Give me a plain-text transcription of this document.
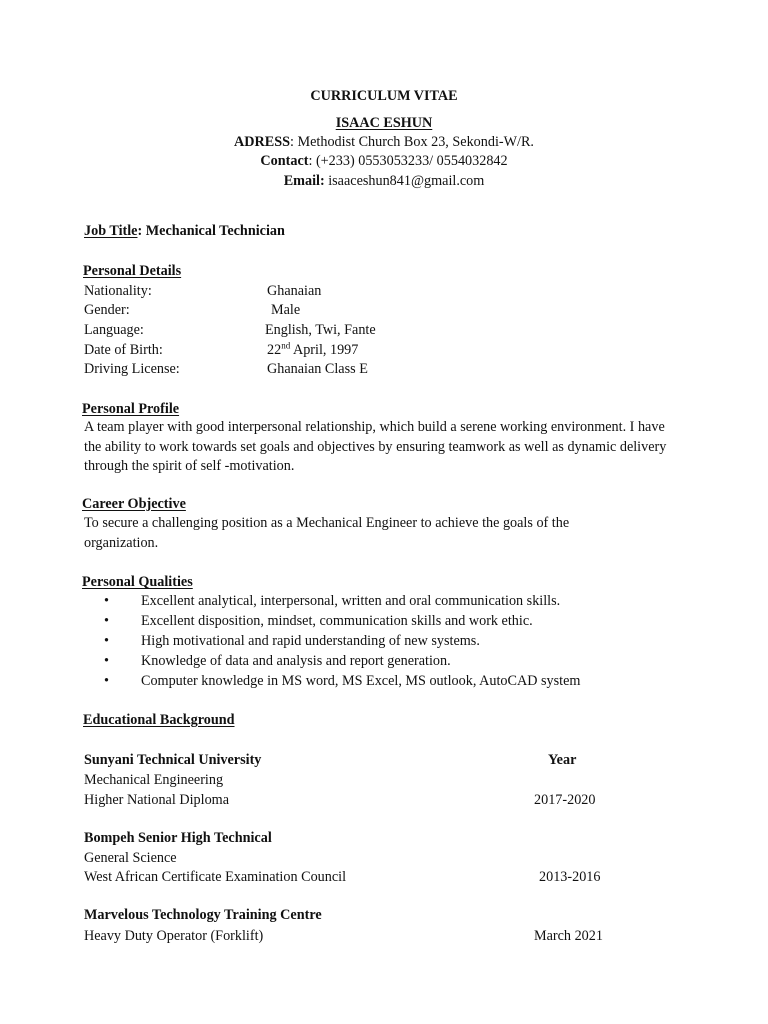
CURRICULUM VITAE
ISAAC ESHUN
ADRESS: Methodist Church Box 23, Sekondi-W/R.
Contact: (+233) 0553053233/ 0554032842
Email: isaaceshun841@gmail.com
Job Title: Mechanical Technician
Personal Details
Nationality:	Ghanaian
Gender:	Male
Language:	English, Twi, Fante
Date of Birth:	22nd April, 1997
Driving License:	Ghanaian Class E
Personal Profile
A team player with good interpersonal relationship, which build a serene working environment. I have the ability to work towards set goals and objectives by ensuring teamwork as well as dynamic delivery through the spirit of self -motivation.
Career Objective
To secure a challenging position as a Mechanical Engineer to achieve the goals of the organization.
Personal Qualities
• Excellent analytical, interpersonal, written and oral communication skills.
• Excellent disposition, mindset, communication skills and work ethic.
• High motivational and rapid understanding of new systems.
• Knowledge of data and analysis and report generation.
• Computer knowledge in MS word, MS Excel, MS outlook, AutoCAD system
Educational Background
Sunyani Technical University	Year
Mechanical Engineering
Higher National Diploma	2017-2020
Bompeh Senior High Technical
General Science
West African Certificate Examination Council	2013-2016
Marvelous Technology Training Centre
Heavy Duty Operator (Forklift)	March 2021
